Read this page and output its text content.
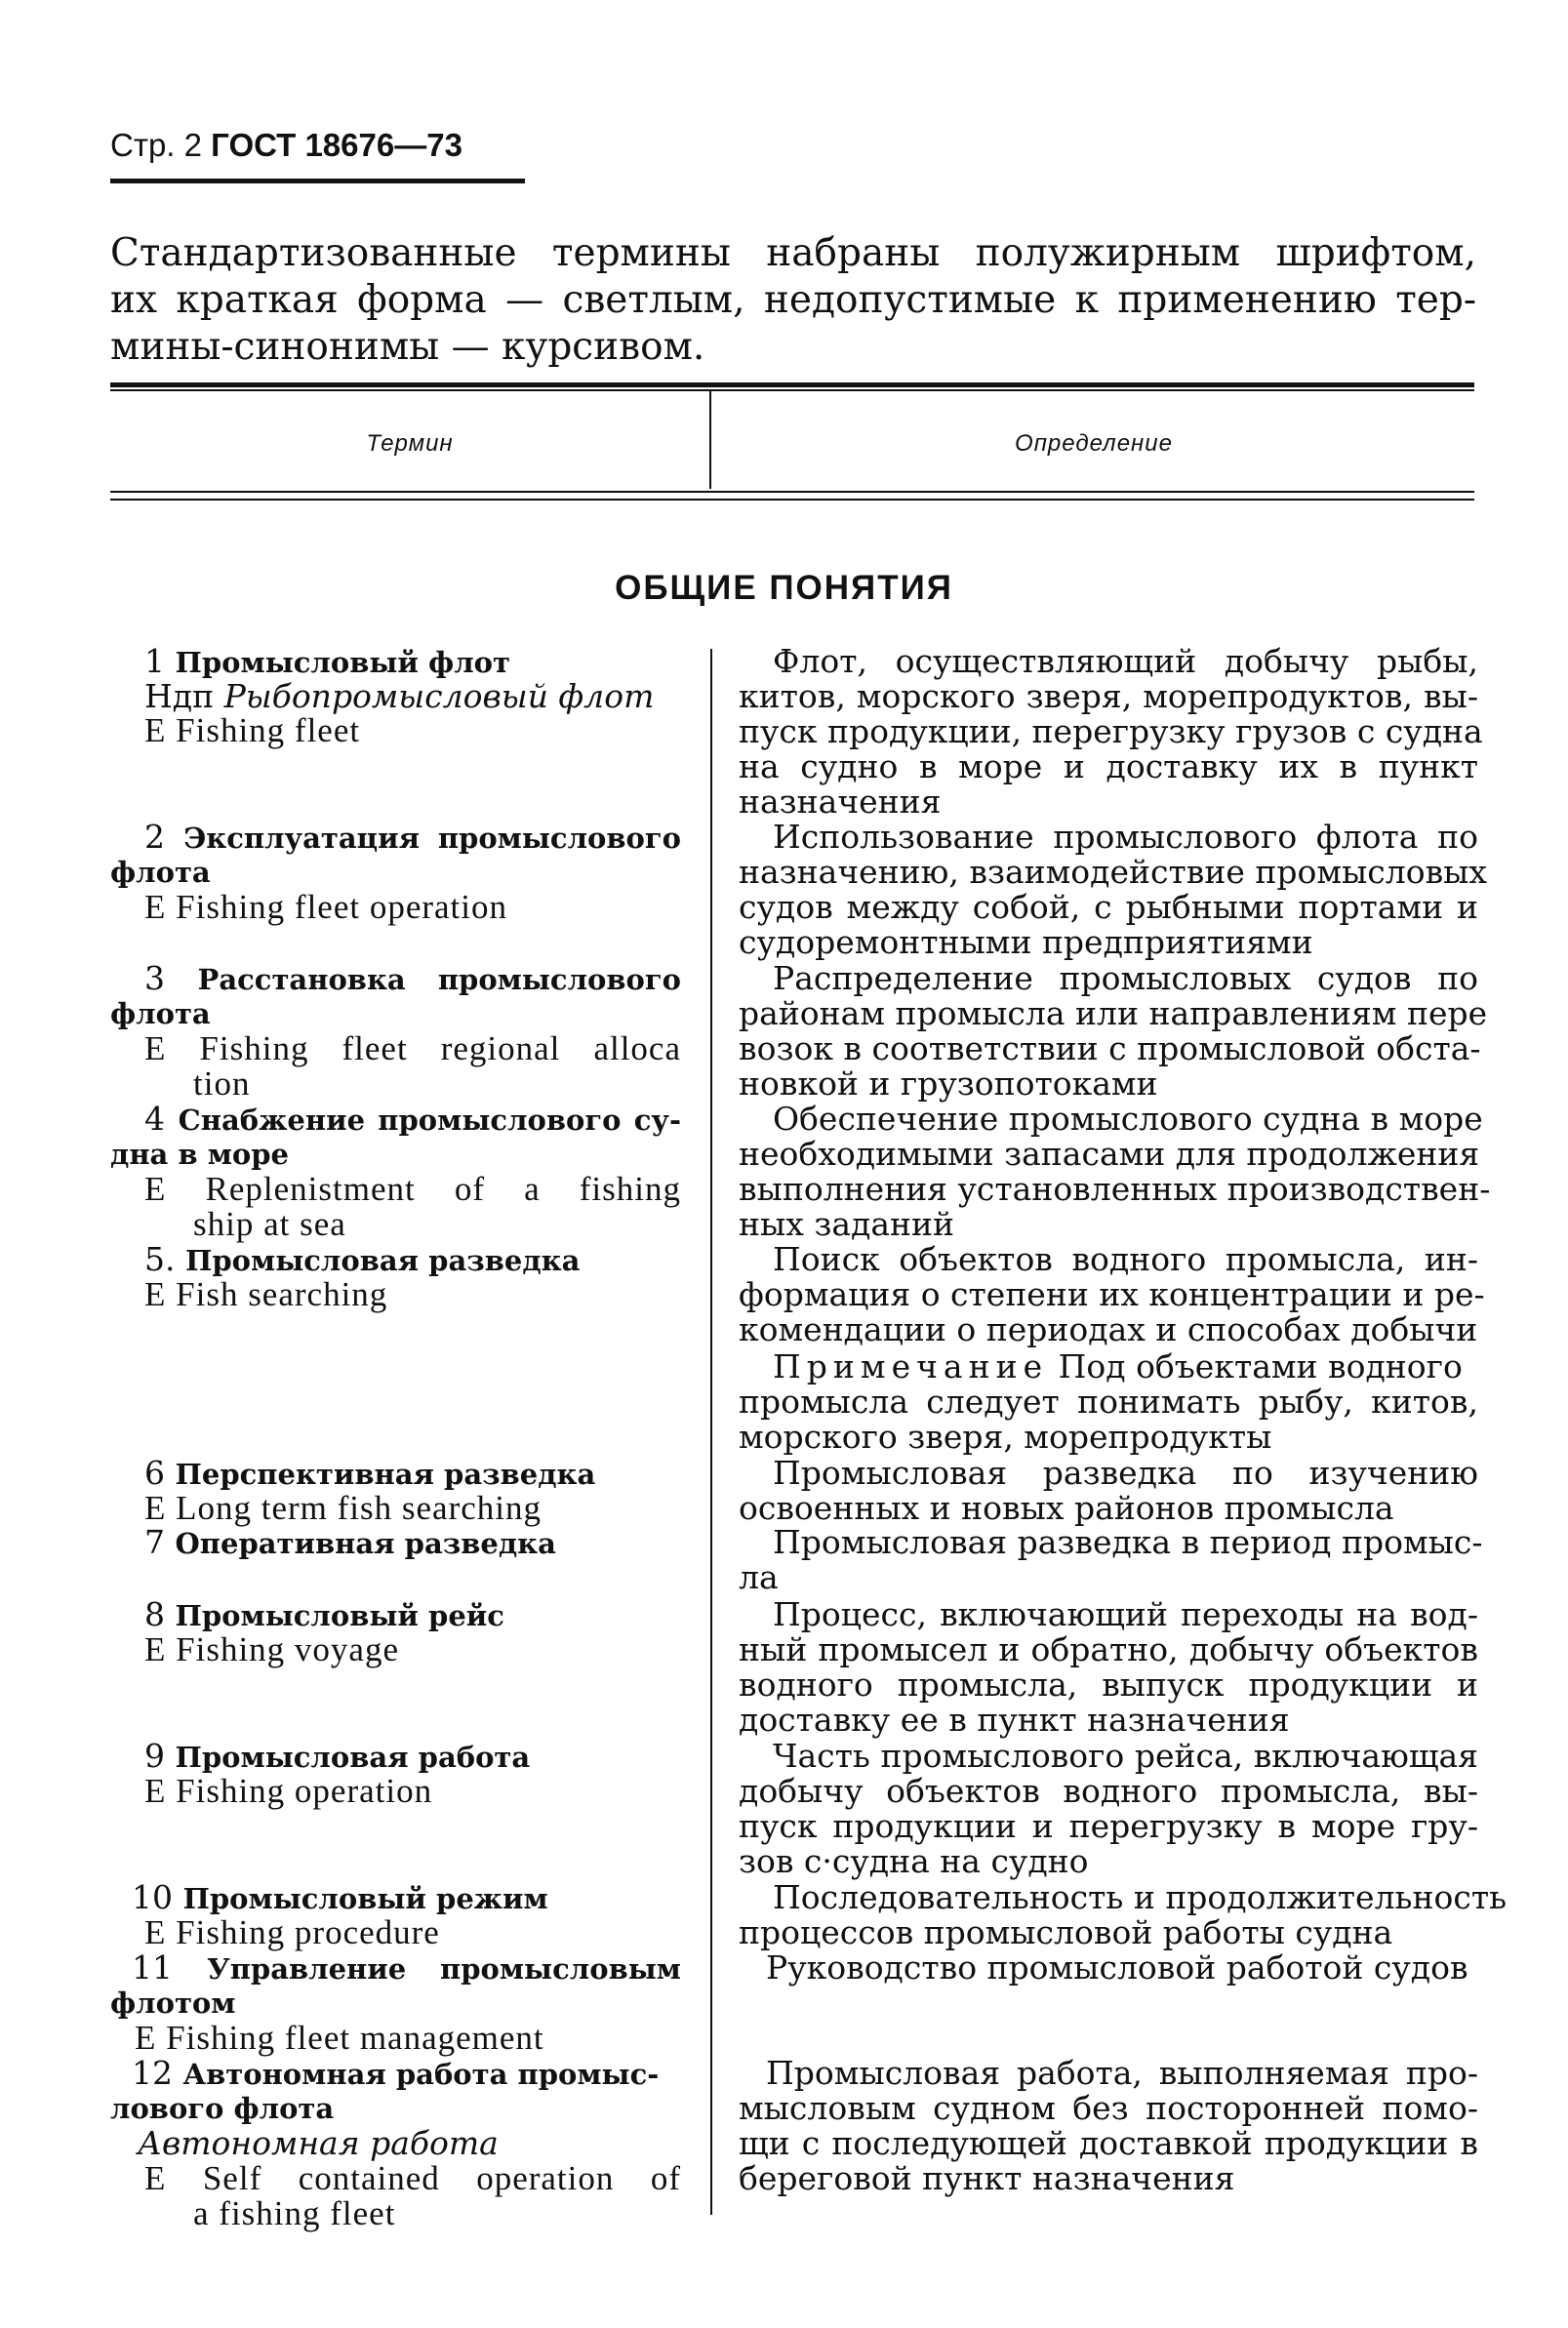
Стр. 2 ГОСТ 18676—73
Стандартизованные термины набраны полужирным шрифтом,
их краткая форма — светлым, недопустимые к применению тер-
мины-синонимы — курсивом.
Термин	Определение
ОБЩИЕ ПОНЯТИЯ
1 Промысловый флот
Ндп Рыбопромысловый флот
E Fishing fleet
2 Эксплуатация промыслового
флота
E Fishing fleet operation
3 Расстановка промыслового
флота
E Fishing fleet regional alloca
tion
4 Снабжение промыслового су-
дна в море
E Replenistment of a fishing
ship at sea
5. Промысловая разведка
E Fish searching
6 Перспективная разведка
E Long term fish searching
7 Оперативная разведка
8 Промысловый рейс
E Fishing voyage
9 Промысловая работа
E Fishing operation
10 Промысловый режим
E Fishing procedure
11 Управление промысловым
флотом
E Fishing fleet management
12 Автономная работа промыс-
лового флота
Автономная работа
E Self contained operation of
a fishing fleet
Флот, осуществляющий добычу рыбы,
китов, морского зверя, морепродуктов, вы-
пуск продукции, перегрузку грузов с судна
на судно в море и доставку их в пункт
назначения
Использование промыслового флота по
назначению, взаимодействие промысловых
судов между собой, с рыбными портами и
судоремонтными предприятиями
Распределение промысловых судов по
районам промысла или направлениям пере
возок в соответствии с промысловой обста-
новкой и грузопотоками
Обеспечение промыслового судна в море
необходимыми запасами для продолжения
выполнения установленных производствен-
ных заданий
Поиск объектов водного промысла, ин-
формация о степени их концентрации и ре-
комендации о периодах и способах добычи
Примечание Под объектами водного
промысла следует понимать рыбу, китов,
морского зверя, морепродукты
Промысловая разведка по изучению
освоенных и новых районов промысла
Промысловая разведка в период промыс-
ла
Процесс, включающий переходы на вод-
ный промысел и обратно, добычу объектов
водного промысла, выпуск продукции и
доставку ее в пункт назначения
Часть промыслового рейса, включающая
добычу объектов водного промысла, вы-
пуск продукции и перегрузку в море гру-
зов с·судна на судно
Последовательность и продолжительность
процессов промысловой работы судна
Руководство промысловой работой судов
Промысловая работа, выполняемая про-
мысловым судном без посторонней помо-
щи с последующей доставкой продукции в
береговой пункт назначения
